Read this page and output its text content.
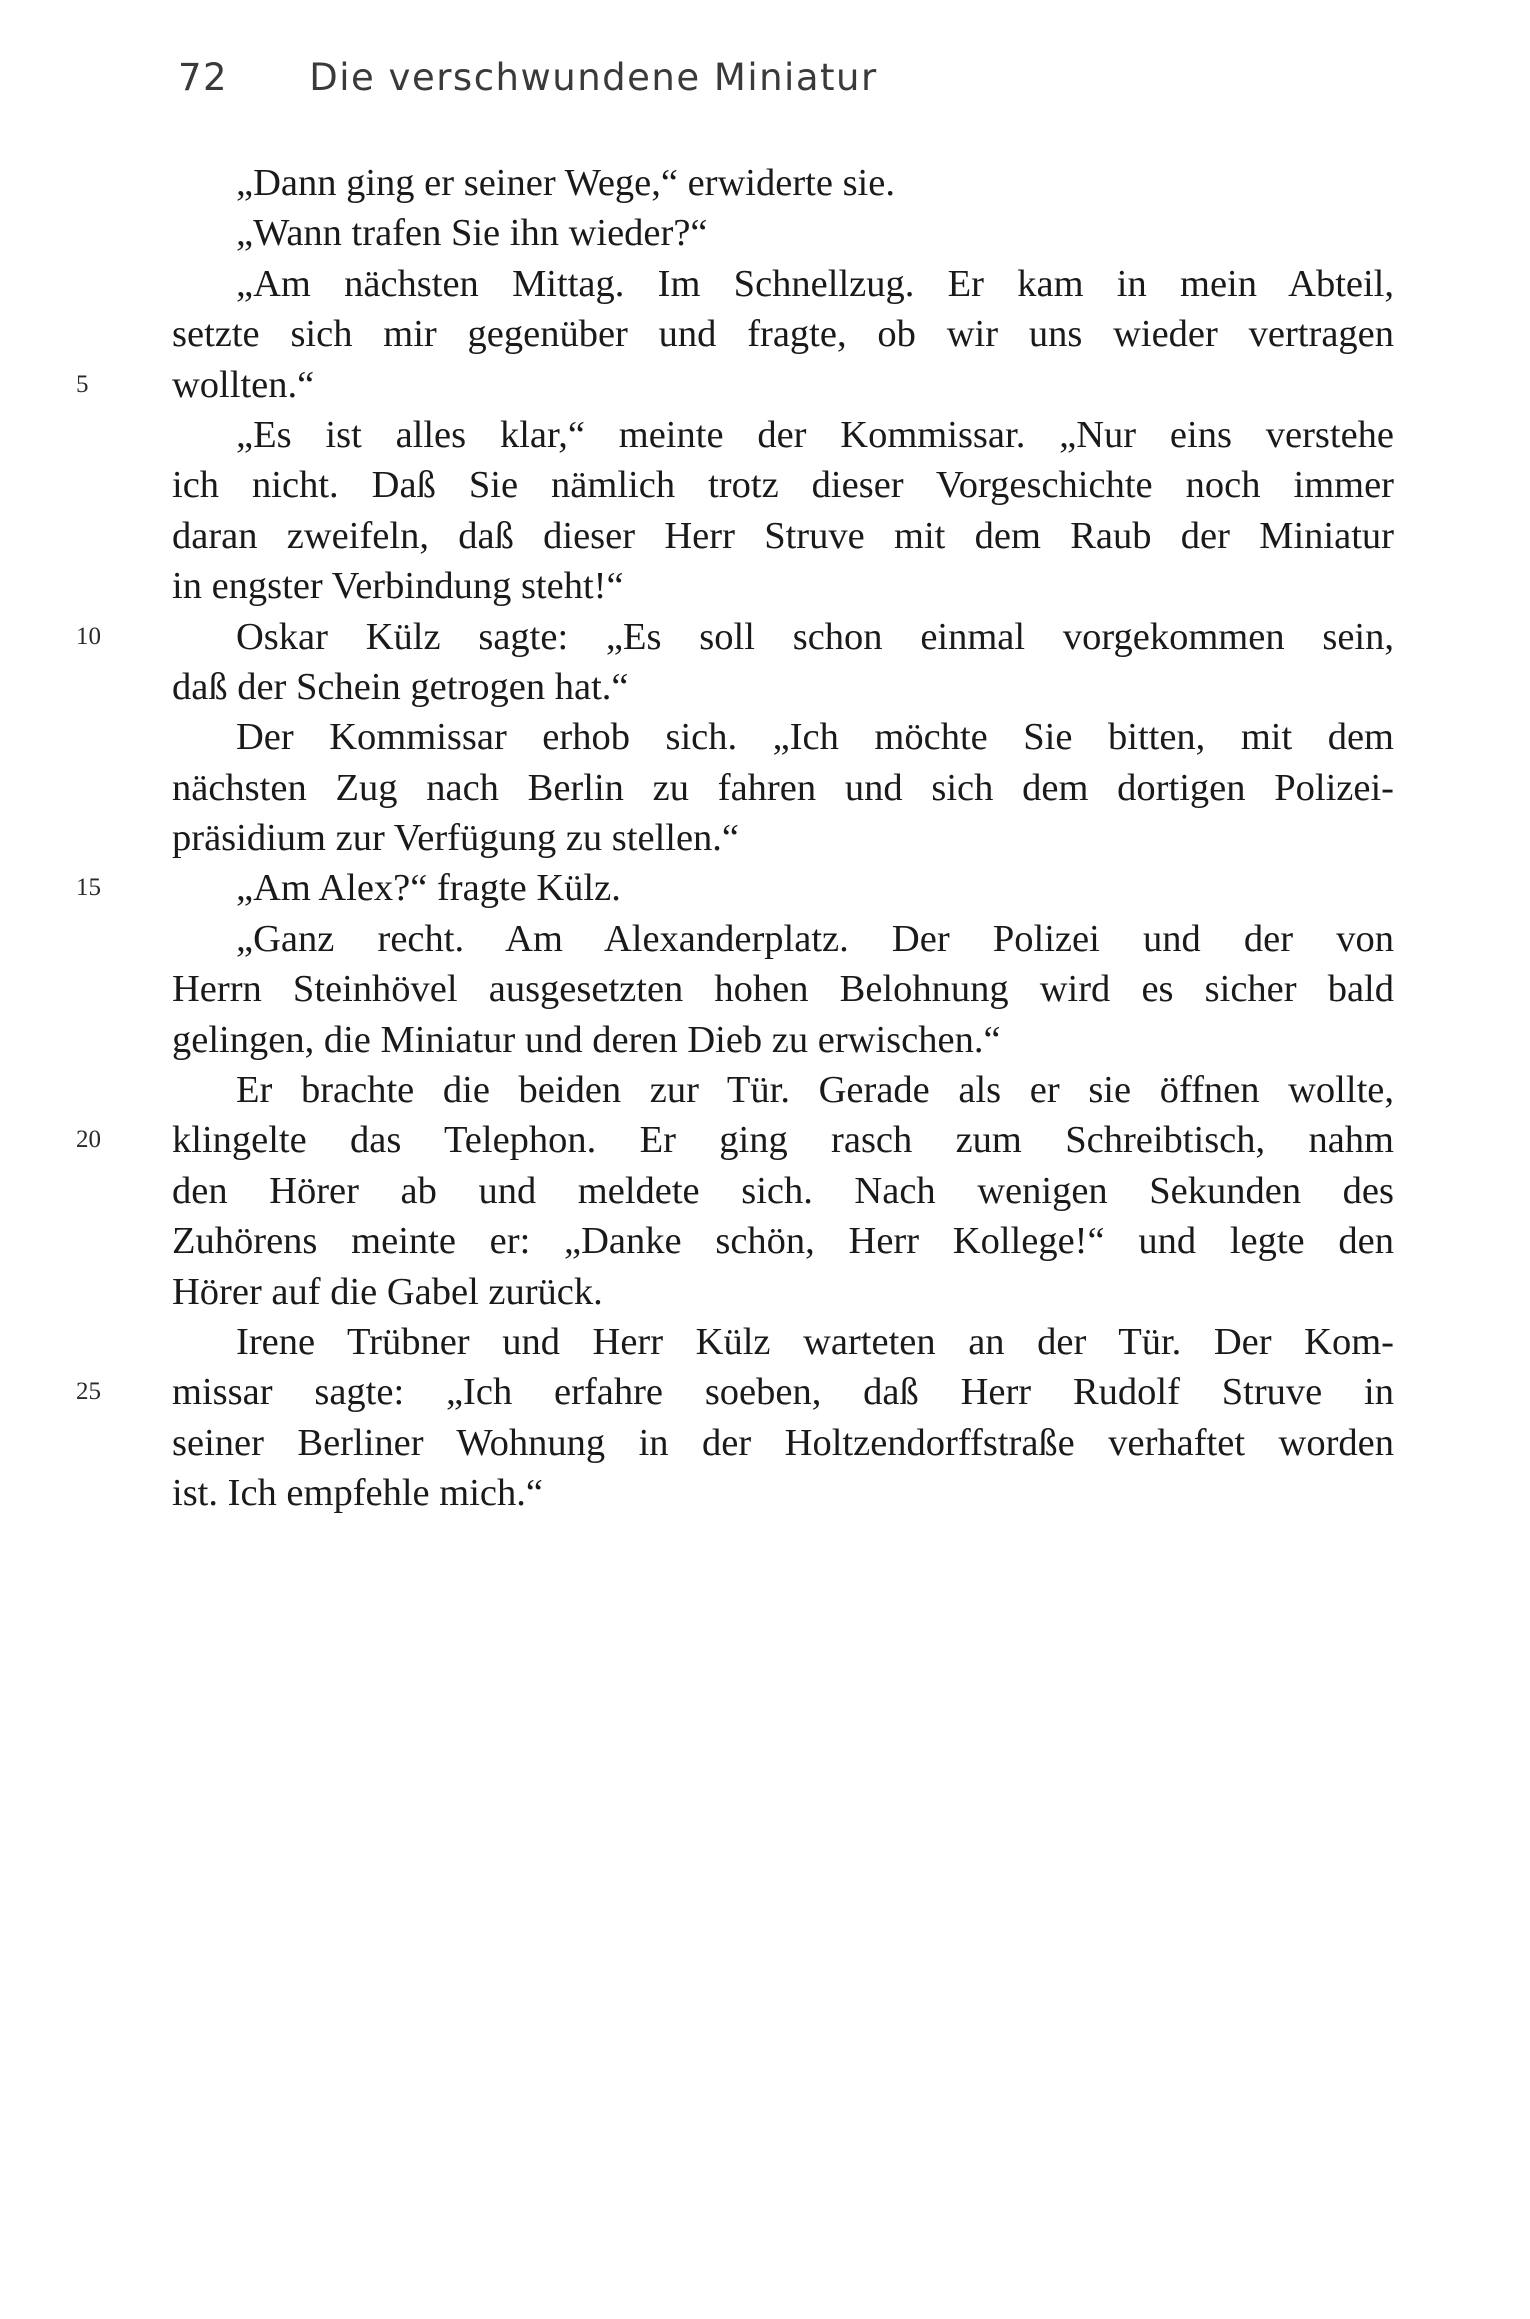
72 Die verschwundene Miniatur
„Dann ging er seiner Wege,“ erwiderte sie.
„Wann trafen Sie ihn wieder?“
„Am nächsten Mittag. Im Schnellzug. Er kam in mein Abteil,
setzte sich mir gegenüber und fragte, ob wir uns wieder vertragen
wollten.“
5
„Es ist alles klar,“ meinte der Kommissar. „Nur eins verstehe
ich nicht. Daß Sie nämlich trotz dieser Vorgeschichte noch immer
daran zweifeln, daß dieser Herr Struve mit dem Raub der Miniatur
in engster Verbindung steht!“
Oskar Külz sagte: „Es soll schon einmal vorgekommen sein,
10
daß der Schein getrogen hat.“
Der Kommissar erhob sich. „Ich möchte Sie bitten, mit dem
nächsten Zug nach Berlin zu fahren und sich dem dortigen Polizei-
präsidium zur Verfügung zu stellen.“
„Am Alex?“ fragte Külz.
15
„Ganz recht. Am Alexanderplatz. Der Polizei und der von
Herrn Steinhövel ausgesetzten hohen Belohnung wird es sicher bald
gelingen, die Miniatur und deren Dieb zu erwischen.“
Er brachte die beiden zur Tür. Gerade als er sie öffnen wollte,
klingelte das Telephon. Er ging rasch zum Schreibtisch, nahm
20
den Hörer ab und meldete sich. Nach wenigen Sekunden des
Zuhörens meinte er: „Danke schön, Herr Kollege!“ und legte den
Hörer auf die Gabel zurück.
Irene Trübner und Herr Külz warteten an der Tür. Der Kom-
missar sagte: „Ich erfahre soeben, daß Herr Rudolf Struve in
25
seiner Berliner Wohnung in der Holtzendorffstraße verhaftet worden
ist. Ich empfehle mich.“
